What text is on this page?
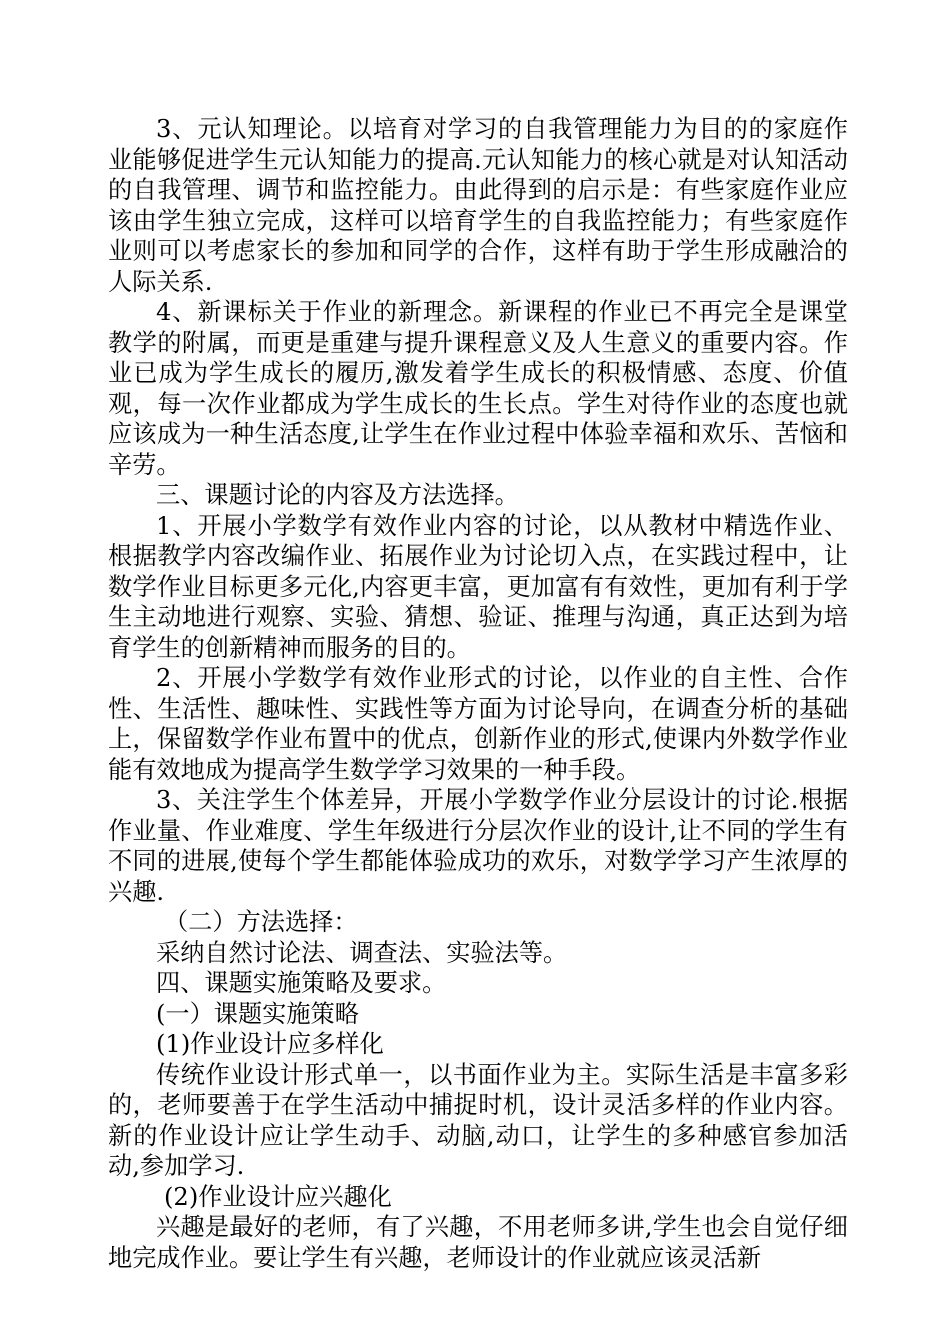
3、元认知理论。以培育对学习的自我管理能力为目的的家庭作业能够促进学生元认知能力的提高.元认知能力的核心就是对认知活动的自我管理、调节和监控能力。由此得到的启示是：有些家庭作业应该由学生独立完成，这样可以培育学生的自我监控能力；有些家庭作业则可以考虑家长的参加和同学的合作，这样有助于学生形成融洽的人际关系.

4、新课标关于作业的新理念。新课程的作业已不再完全是课堂教学的附属，而更是重建与提升课程意义及人生意义的重要内容。作业已成为学生成长的履历,激发着学生成长的积极情感、态度、价值观，每一次作业都成为学生成长的生长点。学生对待作业的态度也就应该成为一种生活态度,让学生在作业过程中体验幸福和欢乐、苦恼和辛劳。

三、课题讨论的内容及方法选择。

1、开展小学数学有效作业内容的讨论，以从教材中精选作业、根据教学内容改编作业、拓展作业为讨论切入点，在实践过程中，让数学作业目标更多元化,内容更丰富，更加富有有效性，更加有利于学生主动地进行观察、实验、猜想、验证、推理与沟通，真正达到为培育学生的创新精神而服务的目的。

2、开展小学数学有效作业形式的讨论，以作业的自主性、合作性、生活性、趣味性、实践性等方面为讨论导向，在调查分析的基础上，保留数学作业布置中的优点，创新作业的形式,使课内外数学作业能有效地成为提高学生数学学习效果的一种手段。

3、关注学生个体差异，开展小学数学作业分层设计的讨论.根据作业量、作业难度、学生年级进行分层次作业的设计,让不同的学生有不同的进展,使每个学生都能体验成功的欢乐，对数学学习产生浓厚的兴趣.

（二）方法选择：

采纳自然讨论法、调查法、实验法等。

四、课题实施策略及要求。

(一）课题实施策略

(1)作业设计应多样化

传统作业设计形式单一，以书面作业为主。实际生活是丰富多彩的，老师要善于在学生活动中捕捉时机，设计灵活多样的作业内容。新的作业设计应让学生动手、动脑,动口，让学生的多种感官参加活动,参加学习.

(2)作业设计应兴趣化

兴趣是最好的老师，有了兴趣，不用老师多讲,学生也会自觉仔细地完成作业。要让学生有兴趣，老师设计的作业就应该灵活新
